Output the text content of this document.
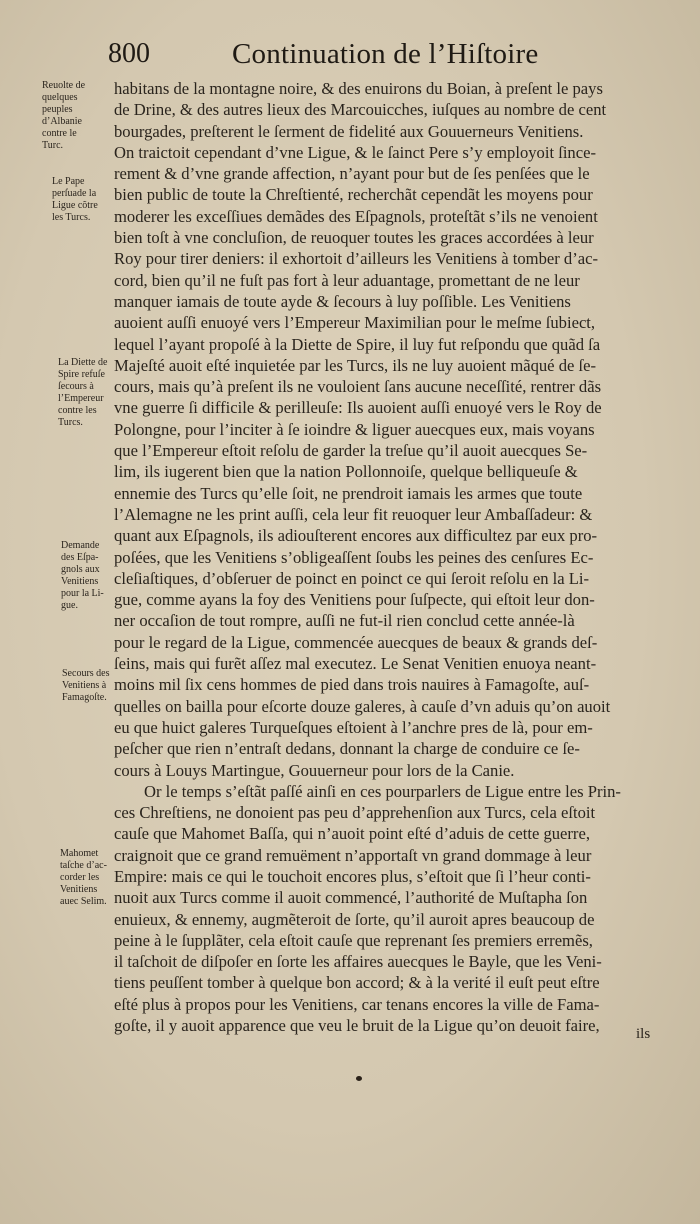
800	Continuation de l’Hiſtoire
Reuolte de
quelques
peuples
d’Albanie
contre le
Turc.
Le Pape
perſuade la
Ligue cõtre
les Turcs.
La Diette de
Spire refuſe
ſecours à
l’Empereur
contre les
Turcs.
Demande
des Eſpa-
gnols aux
Venitiens
pour la Li-
gue.
Secours des
Venitiens à
Famagoſte.
Mahomet
taſche d’ac-
corder les
Venitiens
auec Selim.
habitans de la montagne noire, & des enuirons du Boian, à preſent le pays
de Drine, & des autres lieux des Marcouicches, iuſques au nombre de cent
bourgades, preſterent le ſerment de fidelité aux Gouuerneurs Venitiens.
On traictoit cependant d’vne Ligue, & le ſainct Pere s’y employoit ſince-
rement & d’vne grande affection, n’ayant pour but de ſes penſées que le
bien public de toute la Chreſtienté, recherchãt cependãt les moyens pour
moderer les exceſſiues demãdes des Eſpagnols, proteſtãt s’ils ne venoient
bien toſt à vne concluſion, de reuoquer toutes les graces accordées à leur
Roy pour tirer deniers: il exhortoit d’ailleurs les Venitiens à tomber d’ac-
cord, bien qu’il ne fuſt pas fort à leur aduantage, promettant de ne leur
manquer iamais de toute ayde & ſecours à luy poſſible. Les Venitiens
auoient auſſi enuoyé vers l’Empereur Maximilian pour le meſme ſubiect,
lequel l’ayant propoſé à la Diette de Spire, il luy fut reſpondu que quãd ſa
Majeſté auoit eſté inquietée par les Turcs, ils ne luy auoient mãqué de ſe-
cours, mais qu’à preſent ils ne vouloient ſans aucune neceſſité, rentrer dãs
vne guerre ſi difficile & perilleuſe: Ils auoient auſſi enuoyé vers le Roy de
Polongne, pour l’inciter à ſe ioindre & liguer auecques eux, mais voyans
que l’Empereur eſtoit reſolu de garder la treſue qu’il auoit auecques Se-
lim, ils iugerent bien que la nation Pollonnoiſe, quelque belliqueuſe &
ennemie des Turcs qu’elle ſoit, ne prendroit iamais les armes que toute
l’Alemagne ne les print auſſi, cela leur fit reuoquer leur Ambaſſadeur: &
quant aux Eſpagnols, ils adiouſterent encores aux difficultez par eux pro-
poſées, que les Venitiens s’obligeaſſent ſoubs les peines des cenſures Ec-
cleſiaſtiques, d’obſeruer de poinct en poinct ce qui ſeroit reſolu en la Li-
gue, comme ayans la foy des Venitiens pour ſuſpecte, qui eſtoit leur don-
ner occaſion de tout rompre, auſſi ne fut-il rien conclud cette année-là
pour le regard de la Ligue, commencée auecques de beaux & grands deſ-
ſeins, mais qui furẽt aſſez mal executez. Le Senat Venitien enuoya neant-
moins mil ſix cens hommes de pied dans trois nauires à Famagoſte, auſ-
quelles on bailla pour eſcorte douze galeres, à cauſe d’vn aduis qu’on auoit
eu que huict galeres Turqueſques eſtoient à l’anchre pres de là, pour em-
peſcher que rien n’entraſt dedans, donnant la charge de conduire ce ſe-
cours à Louys Martingue, Gouuerneur pour lors de la Canie.
Or le temps s’eſtãt paſſé ainſi en ces pourparlers de Ligue entre les Prin-
ces Chreſtiens, ne donoient pas peu d’apprehenſion aux Turcs, cela eſtoit
cauſe que Mahomet Baſſa, qui n’auoit point eſté d’aduis de cette guerre,
craignoit que ce grand remuëment n’apportaſt vn grand dommage à leur
Empire: mais ce qui le touchoit encores plus, s’eſtoit que ſi l’heur conti-
nuoit aux Turcs comme il auoit commencé, l’authorité de Muſtapha ſon
enuieux, & ennemy, augmẽteroit de ſorte, qu’il auroit apres beaucoup de
peine à le ſupplãter, cela eſtoit cauſe que reprenant ſes premiers erremẽs,
il taſchoit de diſpoſer en ſorte les affaires auecques le Bayle, que les Veni-
tiens peuſſent tomber à quelque bon accord; & à la verité il euſt peut eſtre
eſté plus à propos pour les Venitiens, car tenans encores la ville de Fama-
goſte, il y auoit apparence que veu le bruit de la Ligue qu’on deuoit faire,	ils
